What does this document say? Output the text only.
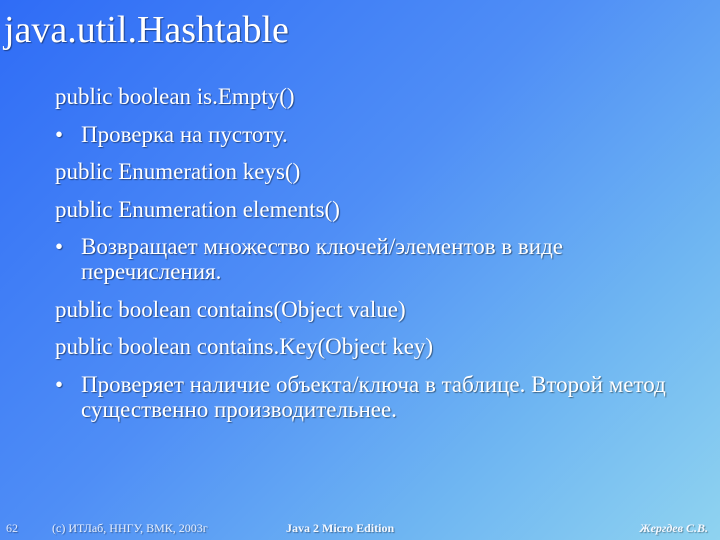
java.util.Hashtable
public boolean is.Empty()
• Проверка на пустоту.
public Enumeration keys()
public Enumeration elements()
• Возвращает множество ключей/элементов в виде перечисления.
public boolean contains(Object value)
public boolean contains.Key(Object key)
• Проверяет наличие объекта/ключа в таблице. Второй метод существенно производительнее.
62	(c) ИТЛаб, ННГУ, ВМК, 2003г	Java 2 Micro Edition	Жергдев С.В.
